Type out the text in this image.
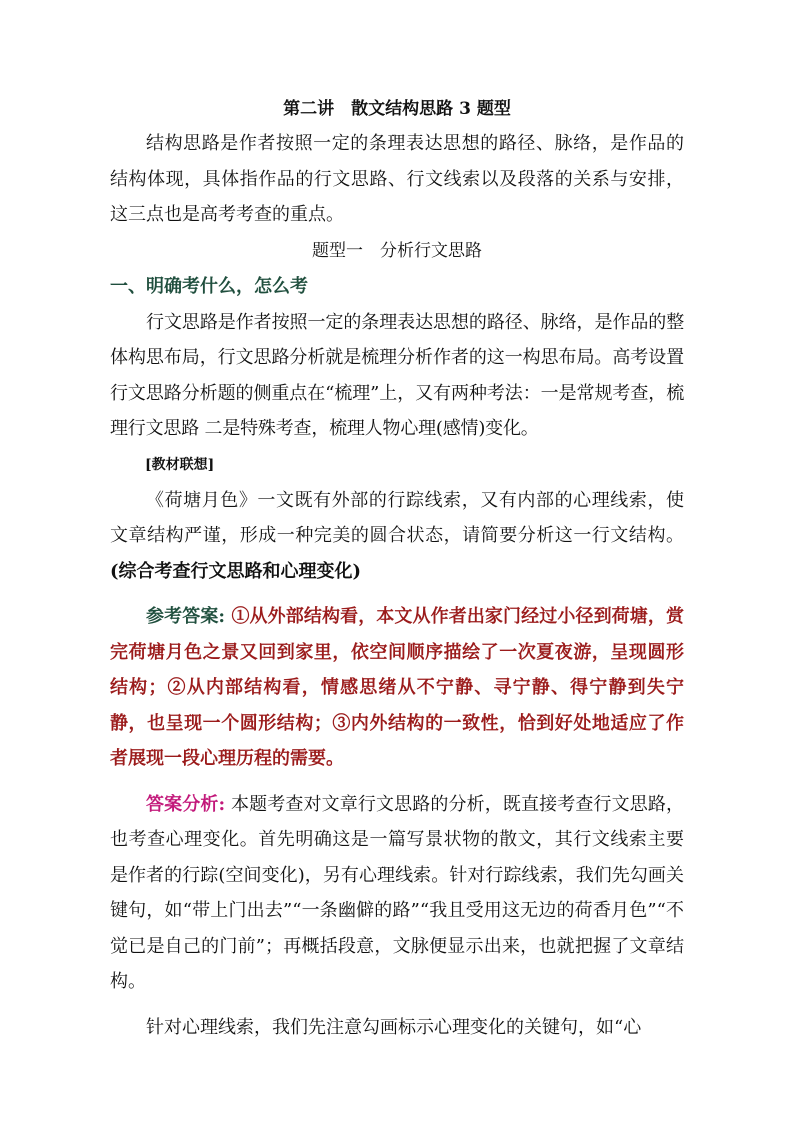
第二讲　散文结构思路 3 题型

结构思路是作者按照一定的条理表达思想的路径、脉络，是作品的结构体现，具体指作品的行文思路、行文线索以及段落的关系与安排，这三点也是高考考查的重点。

题型一　分析行文思路

一、明确考什么，怎么考

行文思路是作者按照一定的条理表达思想的路径、脉络，是作品的整体构思布局，行文思路分析就是梳理分析作者的这一构思布局。高考设置行文思路分析题的侧重点在“梳理”上，又有两种考法：一是常规考查，梳理行文思路 二是特殊考查，梳理人物心理(感情)变化。

[教材联想]

《荷塘月色》一文既有外部的行踪线索，又有内部的心理线索，使文章结构严谨，形成一种完美的圆合状态，请简要分析这一行文结构。(综合考查行文思路和心理变化)

参考答案: ①从外部结构看，本文从作者出家门经过小径到荷塘，赏完荷塘月色之景又回到家里，依空间顺序描绘了一次夏夜游，呈现圆形结构；②从内部结构看，情感思绪从不宁静、寻宁静、得宁静到失宁静，也呈现一个圆形结构；③内外结构的一致性，恰到好处地适应了作者展现一段心理历程的需要。

答案分析: 本题考查对文章行文思路的分析，既直接考查行文思路，也考查心理变化。首先明确这是一篇写景状物的散文，其行文线索主要是作者的行踪(空间变化)，另有心理线索。针对行踪线索，我们先勾画关键句，如“带上门出去”“一条幽僻的路”“我且受用这无边的荷香月色”“不觉已是自己的门前”；再概括段意，文脉便显示出来，也就把握了文章结构。

针对心理线索，我们先注意勾画标示心理变化的关键句，如“心
